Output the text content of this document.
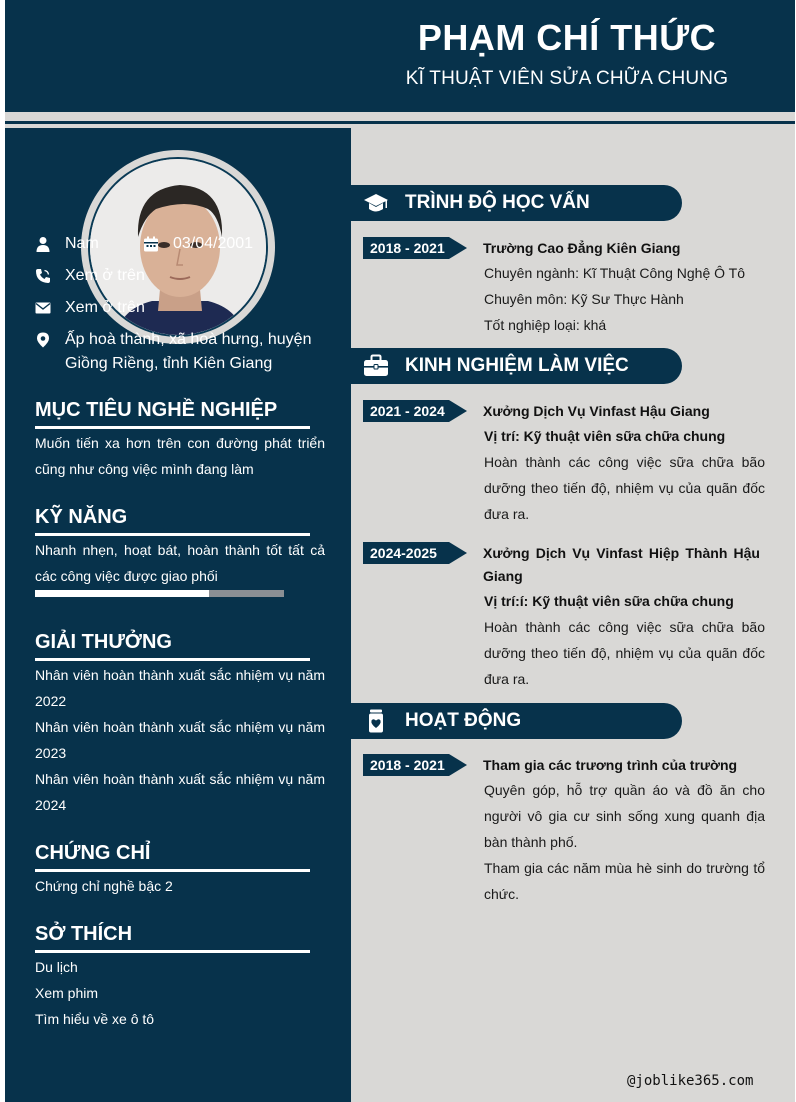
PHẠM CHÍ THỨC
KĨ THUẬT VIÊN SỬA CHỮA CHUNG
Nam	03/04/2001
Xem ở trên
Xem ở trên
Ấp hoà thành, xã hoà hưng, huyện
Giồng Riềng, tỉnh Kiên Giang
MỤC TIÊU NGHỀ NGHIỆP
Muốn tiến xa hơn trên con đường phát triển cũng như công việc mình đang làm
KỸ NĂNG
Nhanh nhẹn, hoạt bát, hoàn thành tốt tất cả các công việc được giao phối
GIẢI THƯỞNG
Nhân viên hoàn thành xuất sắc nhiệm vụ năm 2022
Nhân viên hoàn thành xuất sắc nhiệm vụ năm 2023
Nhân viên hoàn thành xuất sắc nhiệm vụ năm 2024
CHỨNG CHỈ
Chứng chỉ nghề bậc 2
SỞ THÍCH
Du lịch
Xem phim
Tìm hiểu về xe ô tô
TRÌNH ĐỘ HỌC VẤN
2018 - 2021	Trường Cao Đẳng Kiên Giang
Chuyên ngành: Kĩ Thuật Công Nghệ Ô Tô
Chuyên môn: Kỹ Sư Thực Hành
Tốt nghiệp loại: khá
KINH NGHIỆM LÀM VIỆC
2021 - 2024	Xưởng Dịch Vụ Vinfast Hậu Giang
Vị trí: Kỹ thuật viên sữa chữa chung
Hoàn thành các công việc sữa chữa bão dưỡng theo tiến độ, nhiệm vụ của quãn đốc đưa ra.
2024-2025	Xưởng Dịch Vụ Vinfast Hiệp Thành Hậu Giang
Vị trí:í: Kỹ thuật viên sữa chữa chung
Hoàn thành các công việc sữa chữa bão dưỡng theo tiến độ, nhiệm vụ của quãn đốc đưa ra.
HOẠT ĐỘNG
2018 - 2021	Tham gia các trương trình của trường
Quyên góp, hỗ trợ quần áo và đồ ăn cho người vô gia cư sinh sống xung quanh địa bàn thành phố.
Tham gia các năm mùa hè sinh do trường tổ chức.
@joblike365.com
